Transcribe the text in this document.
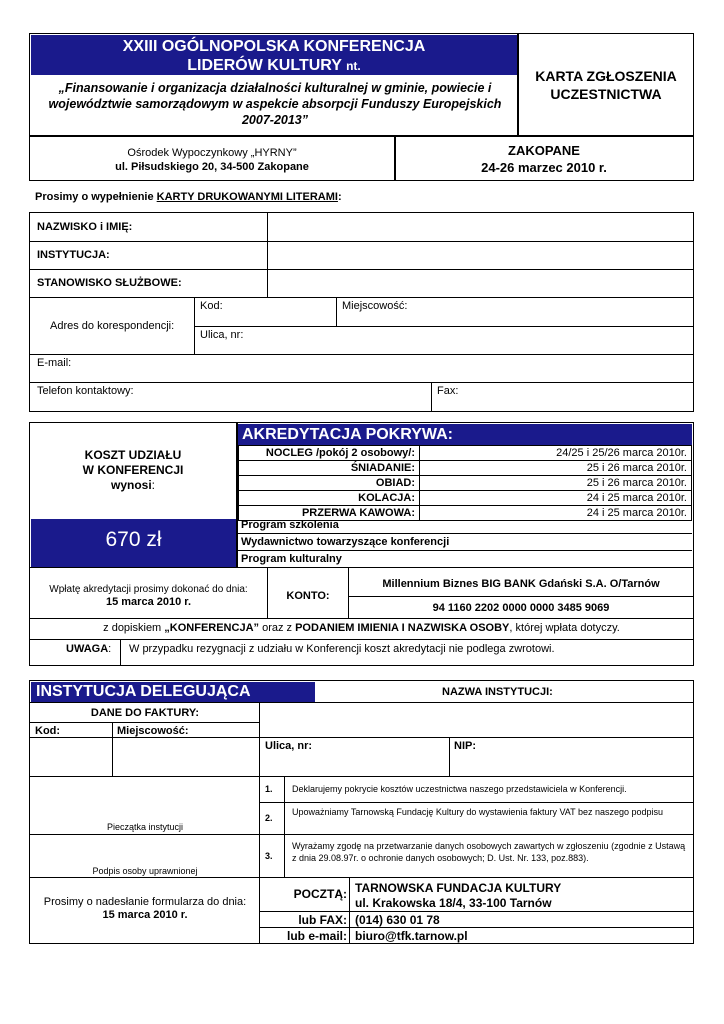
XXIII OGÓLNOPOLSKA KONFERENCJA
LIDERÓW KULTURY nt.
„Finansowanie i organizacja działalności kulturalnej w gminie, powiecie i województwie samorządowym w aspekcie absorpcji Funduszy Europejskich 2007-2013”
KARTA ZGŁOSZENIA UCZESTNICTWA
Ośrodek Wypoczynkowy „HYRNY”
ul. Piłsudskiego 20, 34-500 Zakopane
ZAKOPANE
24-26 marzec 2010 r.
Prosimy o wypełnienie KARTY DRUKOWANYMI LITERAMI:
NAZWISKO i IMIĘ:
INSTYTUCJA:
STANOWISKO SŁUŻBOWE:
Adres do korespondencji:
Kod:	Miejscowość:
Ulica, nr:
E-mail:
Telefon kontaktowy:	Fax:
KOSZT UDZIAŁU
W KONFERENCJI
wynosi:
670 zł
AKREDYTACJA POKRYWA:
NOCLEG /pokój 2 osobowy/:	24/25 i 25/26 marca 2010r.
ŚNIADANIE:	25 i 26 marca 2010r.
OBIAD:	25 i 26 marca 2010r.
KOLACJA:	24 i 25 marca 2010r.
PRZERWA KAWOWA:	24 i 25 marca 2010r.
Program szkolenia
Wydawnictwo towarzyszące konferencji
Program kulturalny
Wpłatę akredytacji prosimy dokonać do dnia:
15 marca 2010 r.	KONTO:
Millennium Biznes BIG BANK Gdański S.A. O/Tarnów
94 1160 2202 0000 0000 3485 9069
z dopiskiem „KONFERENCJA” oraz z PODANIEM IMIENIA I NAZWISKA OSOBY, której wpłata dotyczy.
UWAGA: W przypadku rezygnacji z udziału w Konferencji koszt akredytacji nie podlega zwrotowi.
INSTYTUCJA DELEGUJĄCA	NAZWA INSTYTUCJI:
DANE DO FAKTURY:
Kod:	Miejscowość:
Ulica, nr:	NIP:
Pieczątka instytucji
Podpis osoby uprawnionej
1. Deklarujemy pokrycie kosztów uczestnictwa naszego przedstawiciela w Konferencji.
2.
Upoważniamy Tarnowską Fundację Kultury do wystawienia faktury VAT bez naszego podpisu
3.
Wyrażamy zgodę na przetwarzanie danych osobowych zawartych w zgłoszeniu (zgodnie z Ustawą z dnia 29.08.97r. o ochronie danych osobowych; D. Ust. Nr. 133, poz.883).
Prosimy o nadesłanie formularza do dnia:
15 marca 2010 r.
POCZTĄ: TARNOWSKA FUNDACJA KULTURY
ul. Krakowska 18/4, 33-100 Tarnów
lub FAX: (014) 630 01 78
lub e-mail: biuro@tfk.tarnow.pl
